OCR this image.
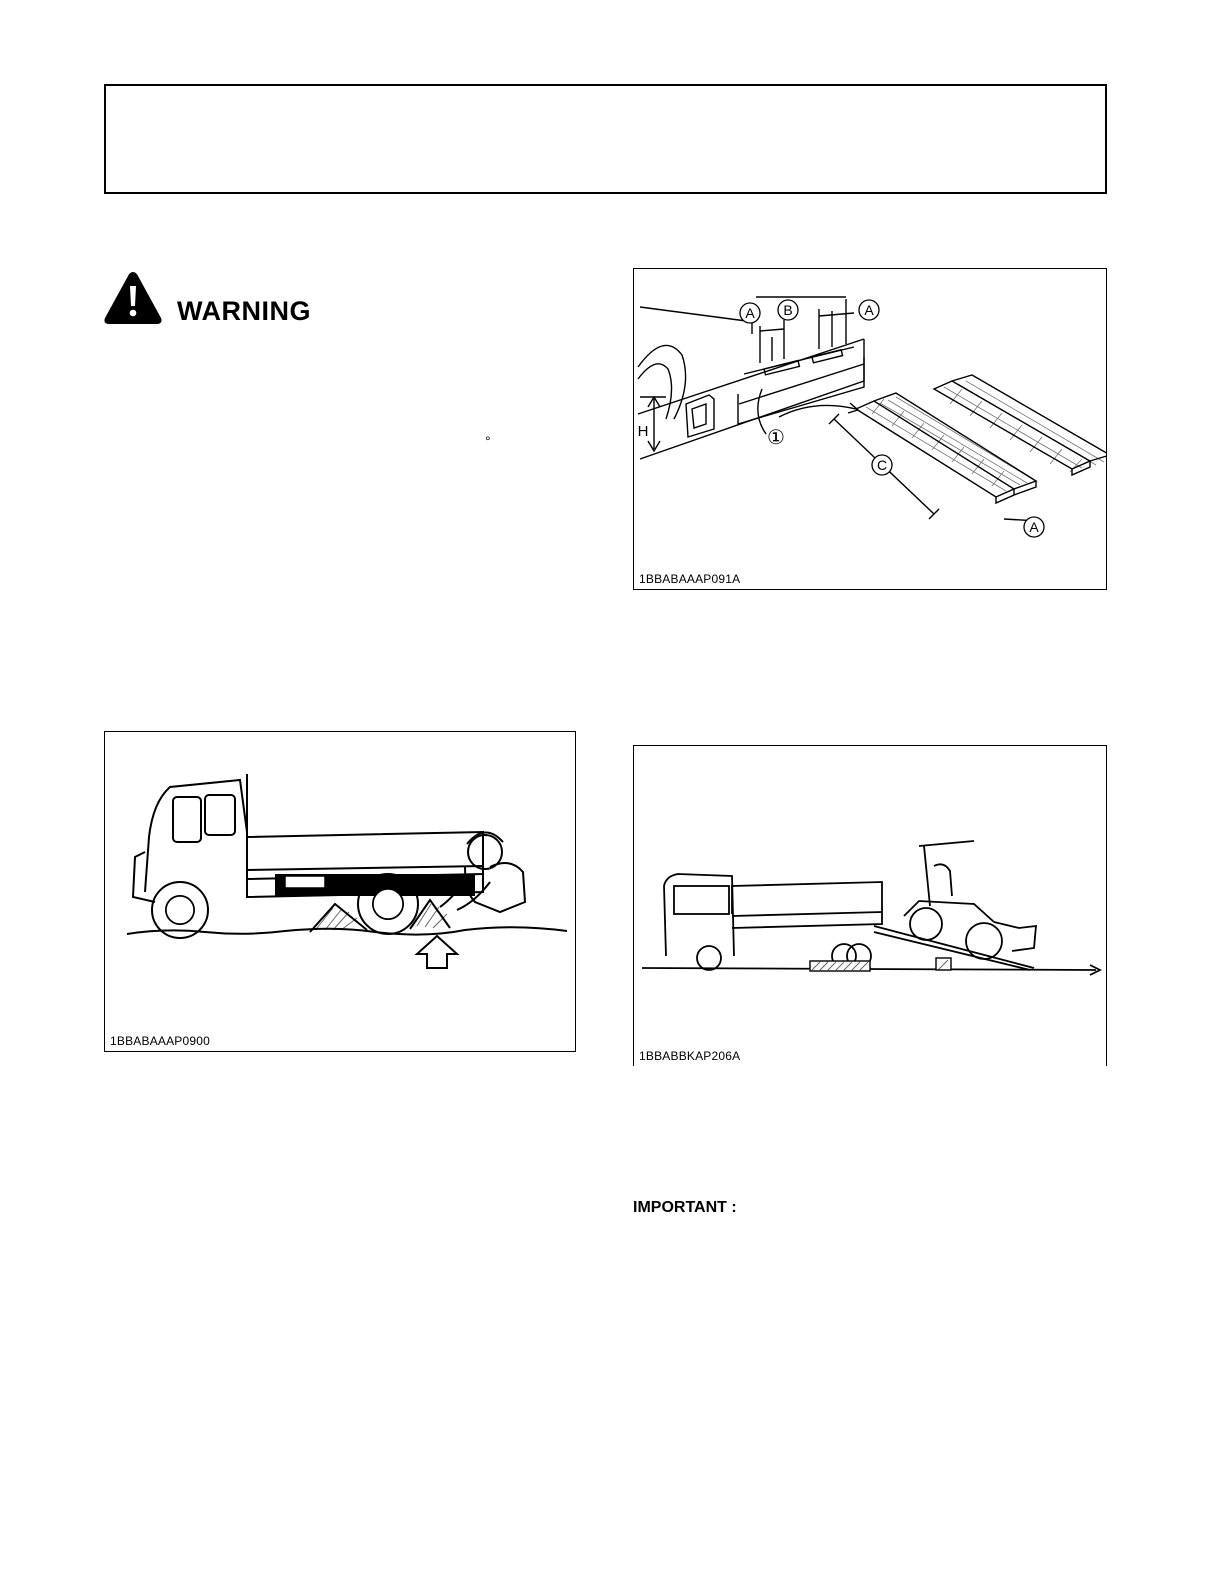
WARNING
°
A B	A
C
A
H	①
1BBABAAAP091A
1BBABAAAP0900
1BBABBKAP206A
IMPORTANT :
